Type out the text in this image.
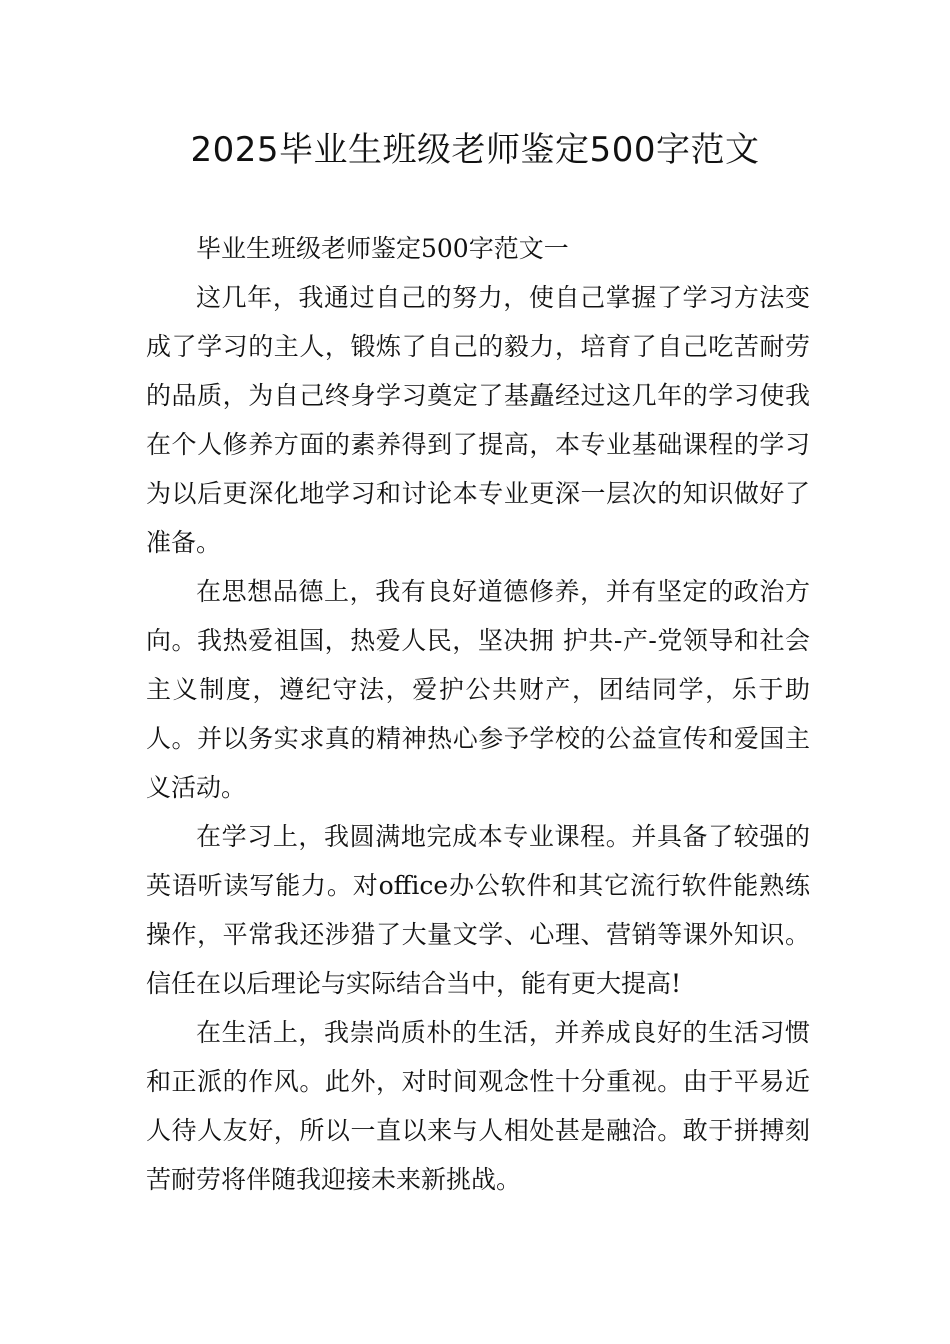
2025毕业生班级老师鉴定500字范文

毕业生班级老师鉴定500字范文一

这几年，我通过自己的努力，使自己掌握了学习方法变成了学习的主人，锻炼了自己的毅力，培育了自己吃苦耐劳的品质，为自己终身学习奠定了基矗经过这几年的学习使我在个人修养方面的素养得到了提高，本专业基础课程的学习为以后更深化地学习和讨论本专业更深一层次的知识做好了准备。

在思想品德上，我有良好道德修养，并有坚定的政治方向。我热爱祖国，热爱人民，坚决拥 护共-产-党领导和社会主义制度，遵纪守法，爱护公共财产，团结同学，乐于助人。并以务实求真的精神热心参予学校的公益宣传和爱国主义活动。

在学习上，我圆满地完成本专业课程。并具备了较强的英语听读写能力。对office办公软件和其它流行软件能熟练操作，平常我还涉猎了大量文学、心理、营销等课外知识。信任在以后理论与实际结合当中，能有更大提高!

在生活上，我崇尚质朴的生活，并养成良好的生活习惯和正派的作风。此外，对时间观念性十分重视。由于平易近人待人友好，所以一直以来与人相处甚是融洽。敢于拼搏刻苦耐劳将伴随我迎接未来新挑战。
